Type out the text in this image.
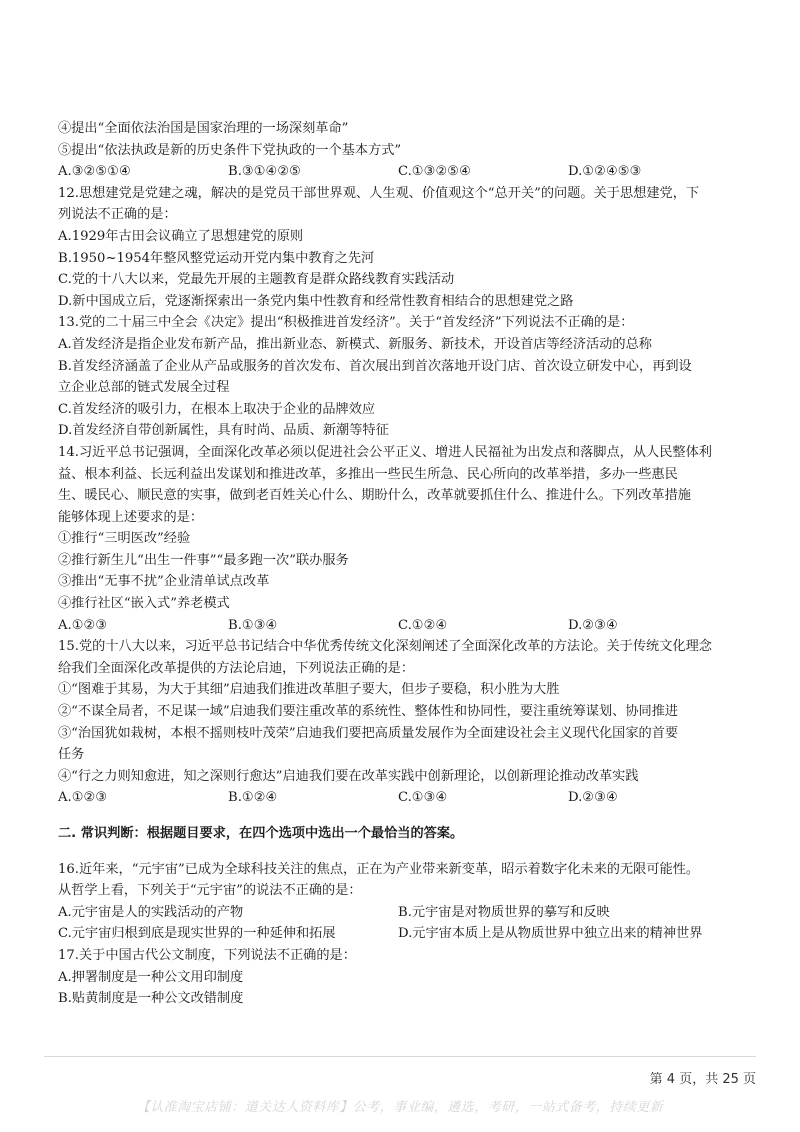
④提出“全面依法治国是国家治理的一场深刻革命”
⑤提出“依法执政是新的历史条件下党执政的一个基本方式”
A.③②⑤①④	B.③①④②⑤	C.①③②⑤④	D.①②④⑤③
12.思想建党是党建之魂，解决的是党员干部世界观、人生观、价值观这个“总开关”的问题。关于思想建党，下
列说法不正确的是：
A.1929年古田会议确立了思想建党的原则
B.1950~1954年整风整党运动开党内集中教育之先河
C.党的十八大以来，党最先开展的主题教育是群众路线教育实践活动
D.新中国成立后，党逐渐探索出一条党内集中性教育和经常性教育相结合的思想建党之路
13.党的二十届三中全会《决定》提出“积极推进首发经济”。关于“首发经济”下列说法不正确的是：
A.首发经济是指企业发布新产品，推出新业态、新模式、新服务、新技术，开设首店等经济活动的总称
B.首发经济涵盖了企业从产品或服务的首次发布、首次展出到首次落地开设门店、首次设立研发中心，再到设
立企业总部的链式发展全过程
C.首发经济的吸引力，在根本上取决于企业的品牌效应
D.首发经济自带创新属性，具有时尚、品质、新潮等特征
14.习近平总书记强调，全面深化改革必须以促进社会公平正义、增进人民福祉为出发点和落脚点，从人民整体利
益、根本利益、长远利益出发谋划和推进改革，多推出一些民生所急、民心所向的改革举措，多办一些惠民
生、暖民心、顺民意的实事，做到老百姓关心什么、期盼什么，改革就要抓住什么、推进什么。下列改革措施
能够体现上述要求的是：
①推行“三明医改”经验
②推行新生儿“出生一件事”“最多跑一次”联办服务
③推出“无事不扰”企业清单试点改革
④推行社区“嵌入式”养老模式
A.①②③	B.①③④	C.①②④	D.②③④
15.党的十八大以来，习近平总书记结合中华优秀传统文化深刻阐述了全面深化改革的方法论。关于传统文化理念
给我们全面深化改革提供的方法论启迪，下列说法正确的是：
①“图难于其易，为大于其细”启迪我们推进改革胆子要大，但步子要稳，积小胜为大胜
②“不谋全局者，不足谋一域”启迪我们要注重改革的系统性、整体性和协同性，要注重统筹谋划、协同推进
③“治国犹如栽树，本根不摇则枝叶茂荣”启迪我们要把高质量发展作为全面建设社会主义现代化国家的首要
任务
④“行之力则知愈进，知之深则行愈达”启迪我们要在改革实践中创新理论，以创新理论推动改革实践
A.①②③	B.①②④	C.①③④	D.②③④
二. 常识判断：根据题目要求，在四个选项中选出一个最恰当的答案。
16.近年来，“元宇宙”已成为全球科技关注的焦点，正在为产业带来新变革，昭示着数字化未来的无限可能性。
从哲学上看，下列关于“元宇宙”的说法不正确的是：
A.元宇宙是人的实践活动的产物	B.元宇宙是对物质世界的摹写和反映
C.元宇宙归根到底是现实世界的一种延伸和拓展	D.元宇宙本质上是从物质世界中独立出来的精神世界
17.关于中国古代公文制度，下列说法不正确的是：
A.押署制度是一种公文用印制度
B.贴黄制度是一种公文改错制度
第 4 页，共 25 页
【认准淘宝店铺：道关达人资料库】公考，事业编，遴选，考研，一站式备考，持续更新
